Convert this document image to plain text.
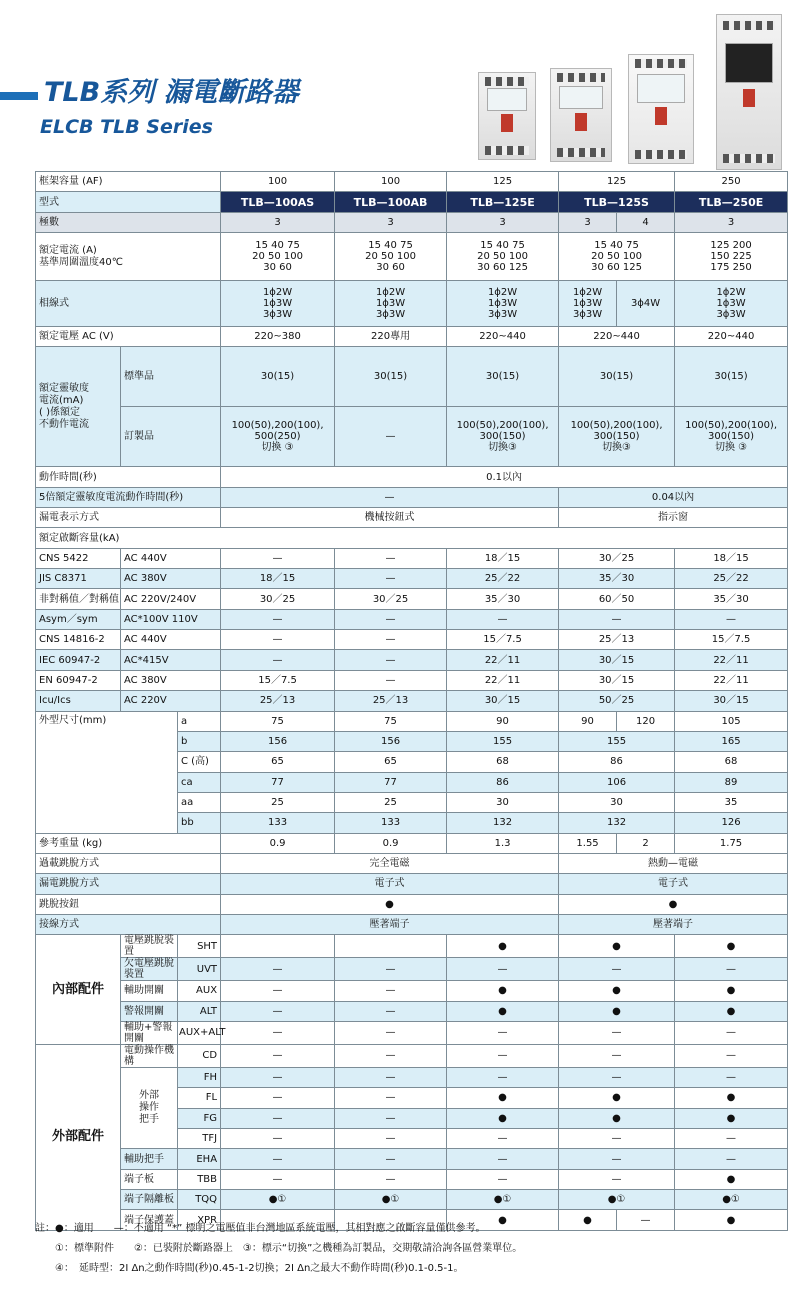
TLB系列 漏電斷路器
ELCB TLB Series
框架容量 (AF)			100	100	125	125		250
型式			TLB—100AS	TLB—100AB	TLB—125E	TLB—125S		TLB—250E
極數			3	3	3	3	4	3
額定電流 (A)
基準周圍溫度40℃			15 40 75
20 50 100
30 60	15 40 75
20 50 100
30 60	15 40 75
20 50 100
30 60 125	15 40 75
20 50 100
30 60 125		125 200
150 225
175 250
相線式			1ϕ2W
1ϕ3W
3ϕ3W	1ϕ2W
1ϕ3W
3ϕ3W	1ϕ2W
1ϕ3W
3ϕ3W	1ϕ2W
1ϕ3W
3ϕ3W	3ϕ4W	1ϕ2W
1ϕ3W
3ϕ3W
額定電壓 AC (V)			220~380	220專用	220~440	220~440		220~440
額定靈敏度
電流(mA)
( )係額定
不動作電流	標準品		30(15)	30(15)	30(15)	30(15)		30(15)
	訂製品		100(50),200(100),
500(250)
切換 ③	—	100(50),200(100),
300(150)
切換③	100(50),200(100),
300(150)
切換③		100(50),200(100),
300(150)
切換 ③
動作時間(秒)			0.1以內					
5倍額定靈敏度電流動作時間(秒)			—			0.04以內		
漏電表示方式			機械按鈕式			指示窗		
額定啟斷容量(kA)								
CNS 5422	AC 440V		—	—	18／15	30／25		18／15
JIS C8371	AC 380V		18／15	—	25／22	35／30		25／22
非對稱值／對稱值	AC 220V/240V		30／25	30／25	35／30	60／50		35／30
Asym／sym	AC*100V 110V		—	—	—	—		—
CNS 14816-2	AC 440V		—	—	15／7.5	25／13		15／7.5
IEC 60947-2	AC*415V		—	—	22／11	30／15		22／11
EN 60947-2	AC 380V		15／7.5	—	22／11	30／15		22／11
Icu/Ics	AC 220V		25／13	25／13	30／15	50／25		30／15
外型尺寸(mm)		a	75	75	90	90	120	105
		b	156	156	155	155		165
		C (高)	65	65	68	86		68
		ca	77	77	86	106		89
		aa	25	25	30	30		35
		bb	133	133	132	132		126
參考重量 (kg)			0.9	0.9	1.3	1.55	2	1.75
過載跳脫方式			完全電磁			熱動—電磁		
漏電跳脫方式			電子式			電子式		
跳脫按鈕			●			●		
接線方式			壓著端子			壓著端子		
內部配件	電壓跳脫裝置	SHT			●	●		●
	欠電壓跳脫裝置	UVT	—	—	—	—		—
	輔助開關	AUX	—	—	●	●		●
	警報開關	ALT	—	—	●	●		●
	輔助+警報開關	AUX+ALT	—	—	—	—		—
外部配件	電動操作機構	CD	—	—	—	—		—
	外部
操作
把手	FH	—	—	—	—		—
		FL	—	—	●	●		●
		FG	—	—	●	●		●
		TFJ	—	—	—	—		—
	輔助把手	EHA	—	—	—	—		—
	端子板	TBB	—	—	—	—		●
	端子隔離板	TQQ	●①	●①	●①	●①		●①
	端子保護蓋	XPR			●	●	—	●
註：●：適用　　—：不適用 “*” 標明之電壓值非台灣地區系統電壓，其相對應之啟斷容量僅供參考。
　　①：標準附件　　②：已裝附於斷路器上　③：標示“切換”之機種為訂製品，交期敬請洽詢各區營業單位。
　　④：　延時型：2I Δn之動作時間(秒)0.45-1-2切換；2I Δn之最大不動作時間(秒)0.1-0.5-1。
